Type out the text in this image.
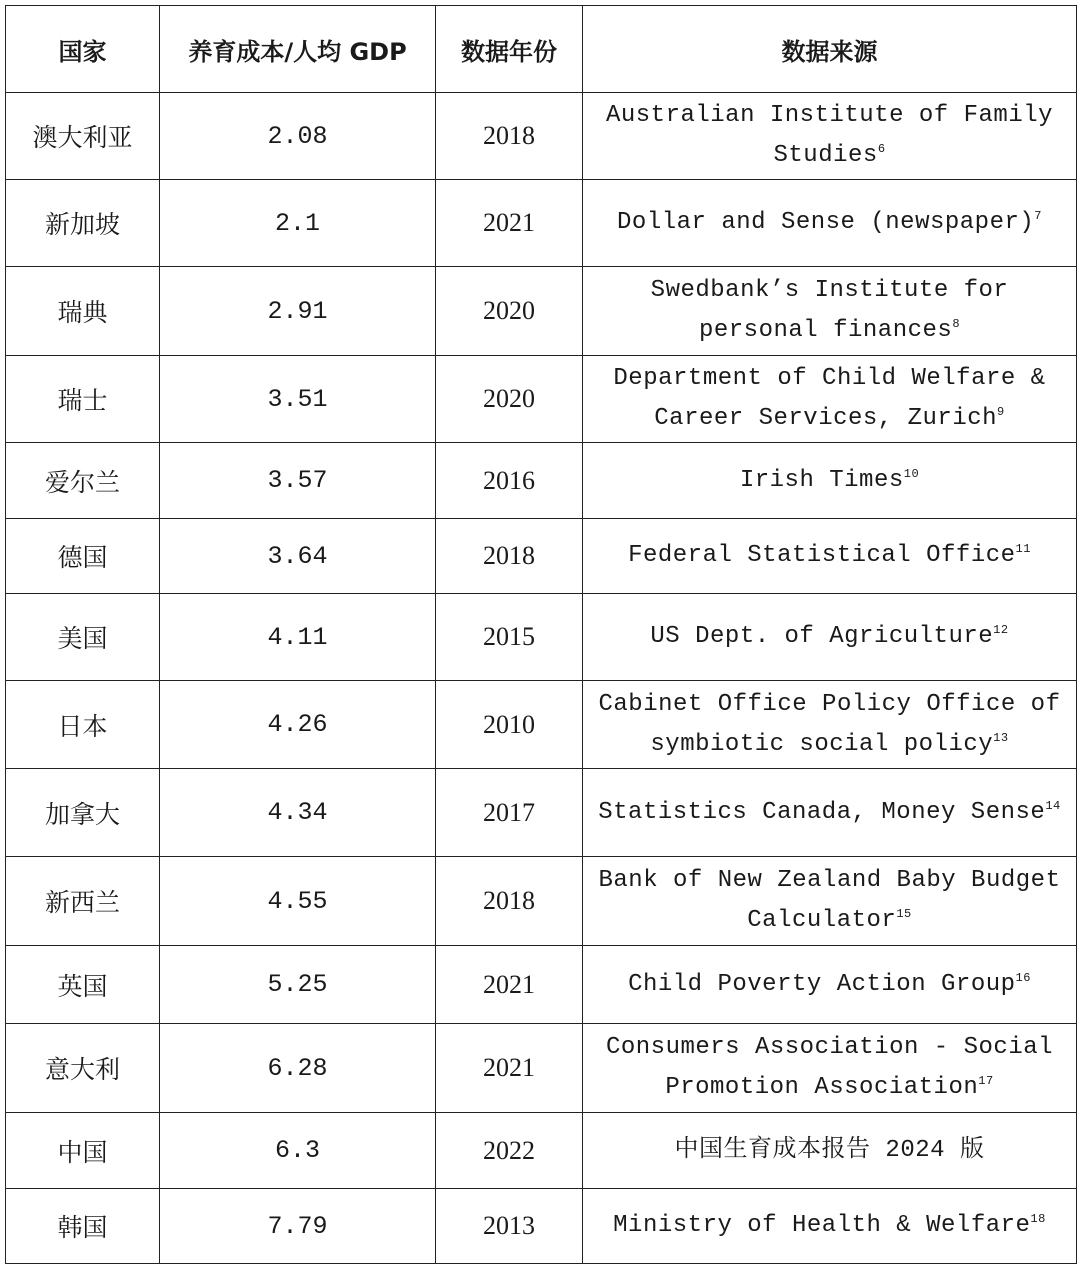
国家	养育成本/人均 GDP	数据年份	数据来源
澳大利亚	2.08	2018	Australian Institute of Family Studies$^6$
新加坡	2.1	2021	Dollar and Sense (newspaper)$^7$
瑞典	2.91	2020	Swedbank’s Institute for personal finances$^8$
瑞士	3.51	2020	Department of Child Welfare & Career Services, Zurich$^9$
爱尔兰	3.57	2016	Irish Times$^{10}$
德国	3.64	2018	Federal Statistical Office$^{11}$
美国	4.11	2015	US Dept. of Agriculture$^{12}$
日本	4.26	2010	Cabinet Office Policy Office of symbiotic social policy$^{13}$
加拿大	4.34	2017	Statistics Canada, Money Sense$^{14}$
新西兰	4.55	2018	Bank of New Zealand Baby Budget Calculator$^{15}$
英国	5.25	2021	Child Poverty Action Group$^{16}$
意大利	6.28	2021	Consumers Association - Social Promotion Association$^{17}$
中国	6.3	2022	中国生育成本报告 2024 版
韩国	7.79	2013	Ministry of Health & Welfare$^{18}$
